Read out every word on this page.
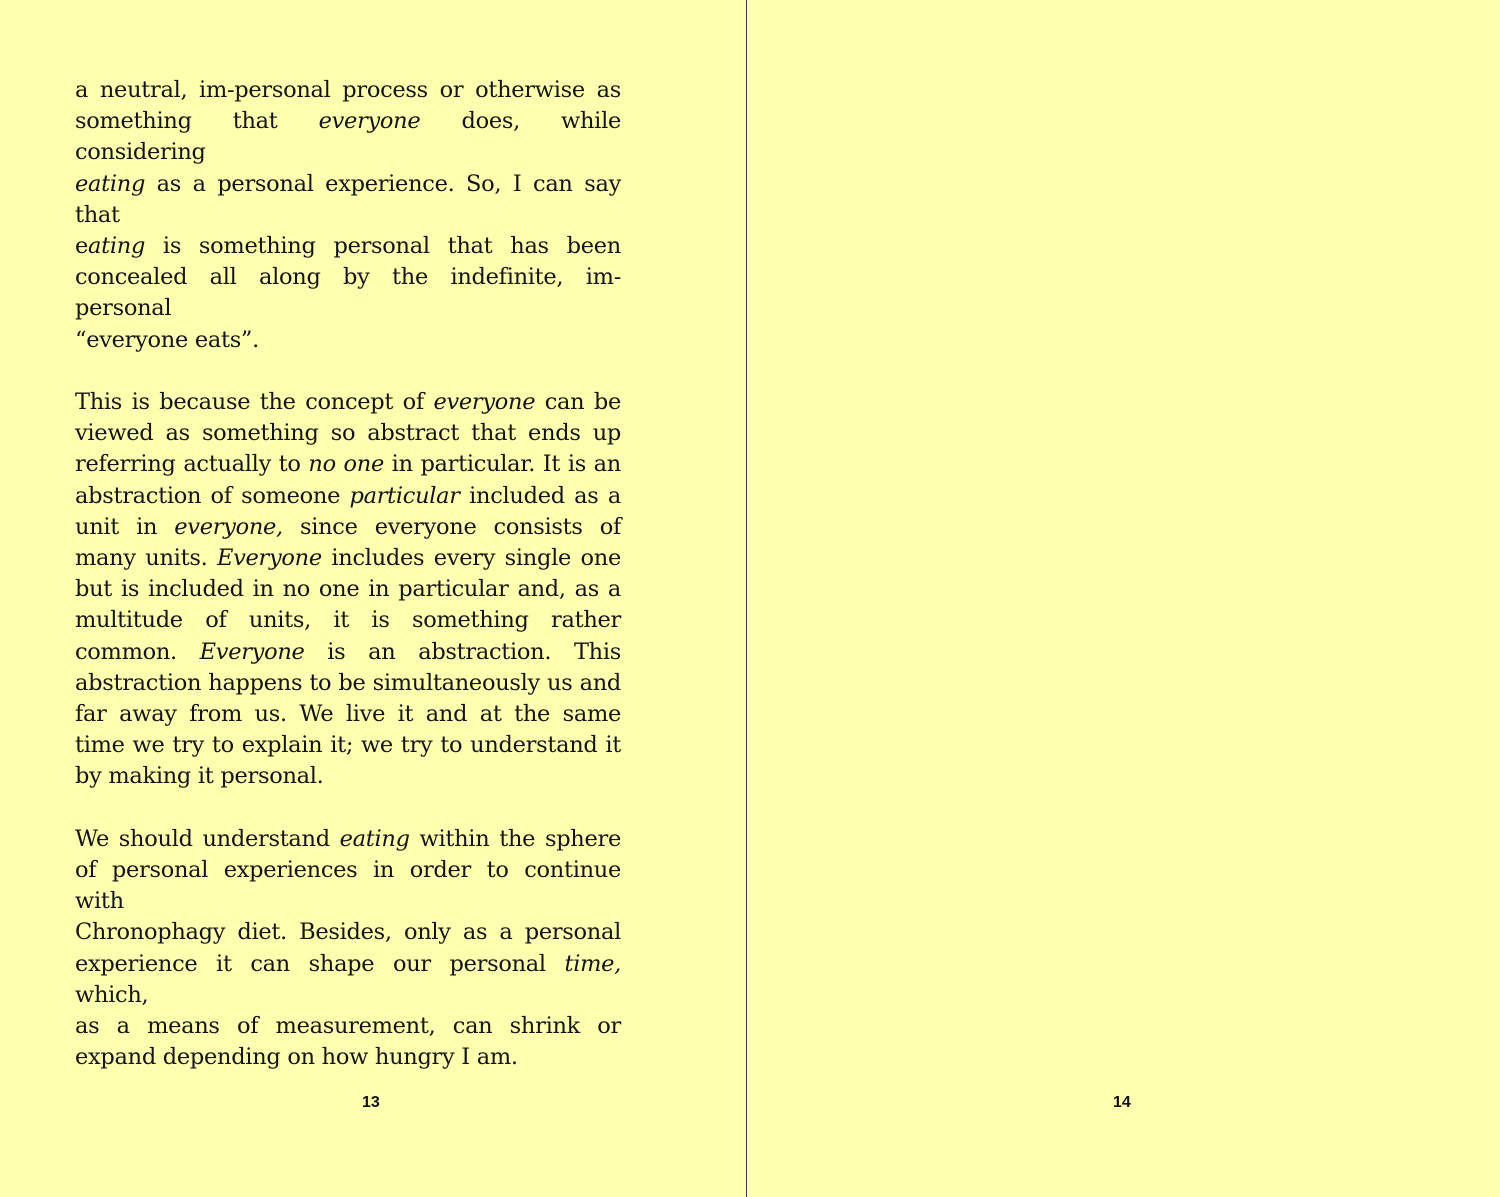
a neutral, im-personal process or otherwise as
something that everyone does, while considering
eating as a personal experience. So, I can say that
eating is something personal that has been
concealed all along by the indefinite, im-personal
“everyone eats”.
This is because the concept of everyone can be
viewed as something so abstract that ends up
referring actually to no one in particular. It is an
abstraction of someone particular included as a
unit in everyone, since everyone consists of
many units. Everyone includes every single one
but is included in no one in particular and, as a
multitude of units, it is something rather
common. Everyone is an abstraction. This
abstraction happens to be simultaneously us and
far away from us. We live it and at the same
time we try to explain it; we try to understand it
by making it personal.
We should understand eating within the sphere
of personal experiences in order to continue with
Chronophagy diet. Besides, only as a personal
experience it can shape our personal time, which,
as a means of measurement, can shrink or
expand depending on how hungry I am.
13	14
